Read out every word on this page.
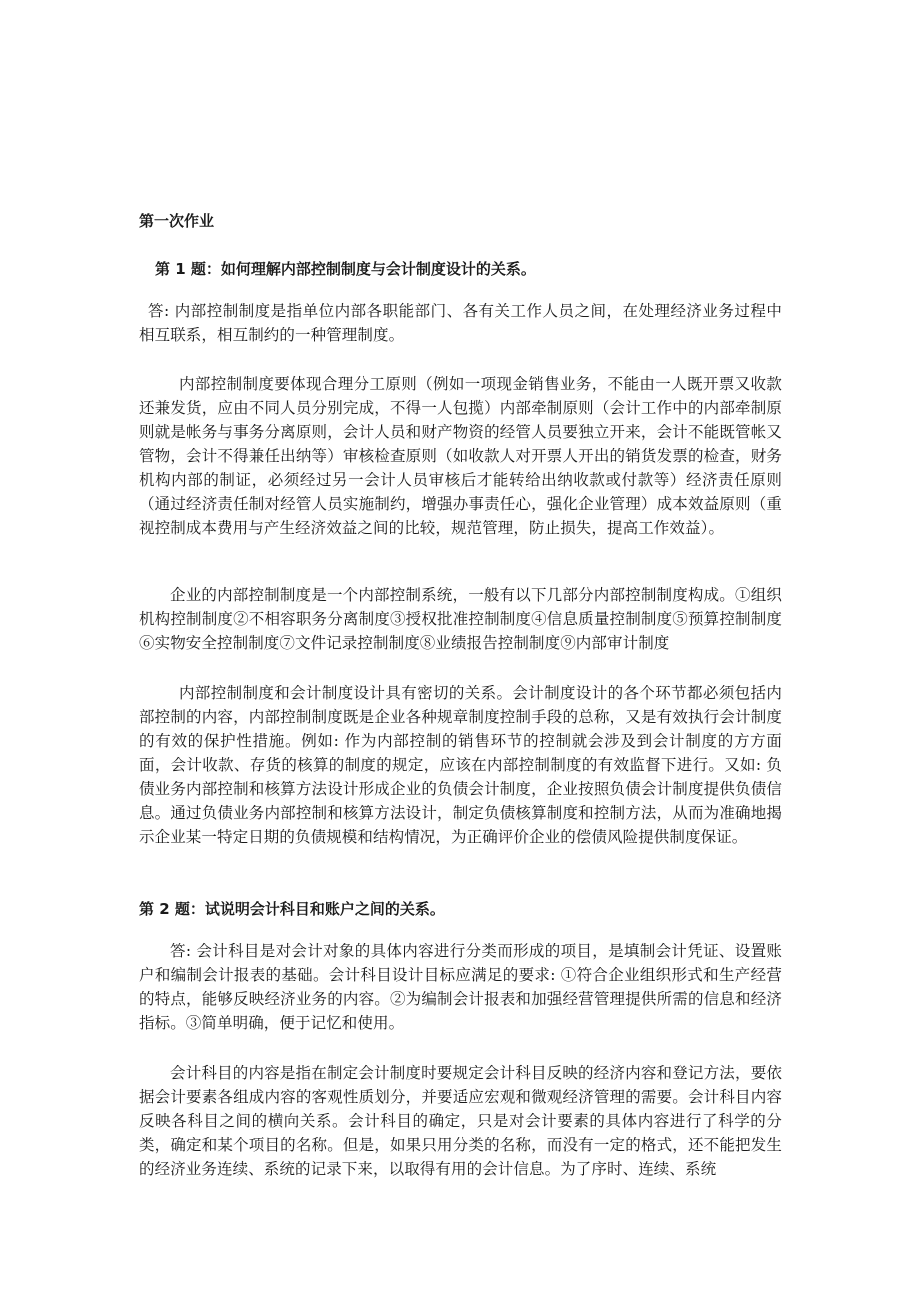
第一次作业

第 1 题：如何理解内部控制制度与会计制度设计的关系。

答: 内部控制制度是指单位内部各职能部门、各有关工作人员之间，在处理经济业务过程中相互联系，相互制约的一种管理制度。

内部控制制度要体现合理分工原则（例如一项现金销售业务，不能由一人既开票又收款还兼发货，应由不同人员分别完成，不得一人包揽）内部牵制原则（会计工作中的内部牵制原则就是帐务与事务分离原则，会计人员和财产物资的经管人员要独立开来，会计不能既管帐又管物，会计不得兼任出纳等）审核检查原则（如收款人对开票人开出的销货发票的检查，财务机构内部的制证，必须经过另一会计人员审核后才能转给出纳收款或付款等）经济责任原则（通过经济责任制对经管人员实施制约，增强办事责任心，强化企业管理）成本效益原则（重视控制成本费用与产生经济效益之间的比较，规范管理，防止损失，提高工作效益）。

企业的内部控制制度是一个内部控制系统，一般有以下几部分内部控制制度构成。①组织机构控制制度②不相容职务分离制度③授权批准控制制度④信息质量控制制度⑤预算控制制度⑥实物安全控制制度⑦文件记录控制制度⑧业绩报告控制制度⑨内部审计制度

内部控制制度和会计制度设计具有密切的关系。会计制度设计的各个环节都必须包括内部控制的内容，内部控制制度既是企业各种规章制度控制手段的总称，又是有效执行会计制度的有效的保护性措施。例如: 作为内部控制的销售环节的控制就会涉及到会计制度的方方面面，会计收款、存货的核算的制度的规定，应该在内部控制制度的有效监督下进行。又如: 负债业务内部控制和核算方法设计形成企业的负债会计制度，企业按照负债会计制度提供负债信息。通过负债业务内部控制和核算方法设计，制定负债核算制度和控制方法，从而为准确地揭示企业某一特定日期的负债规模和结构情况，为正确评价企业的偿债风险提供制度保证。

第 2 题：试说明会计科目和账户之间的关系。

答: 会计科目是对会计对象的具体内容进行分类而形成的项目，是填制会计凭证、设置账户和编制会计报表的基础。会计科目设计目标应满足的要求: ①符合企业组织形式和生产经营的特点，能够反映经济业务的内容。②为编制会计报表和加强经营管理提供所需的信息和经济指标。③简单明确，便于记忆和使用。

会计科目的内容是指在制定会计制度时要规定会计科目反映的经济内容和登记方法，要依据会计要素各组成内容的客观性质划分，并要适应宏观和微观经济管理的需要。会计科目内容反映各科目之间的横向关系。会计科目的确定，只是对会计要素的具体内容进行了科学的分类，确定和某个项目的名称。但是，如果只用分类的名称，而没有一定的格式，还不能把发生的经济业务连续、系统的记录下来，以取得有用的会计信息。为了序时、连续、系统
